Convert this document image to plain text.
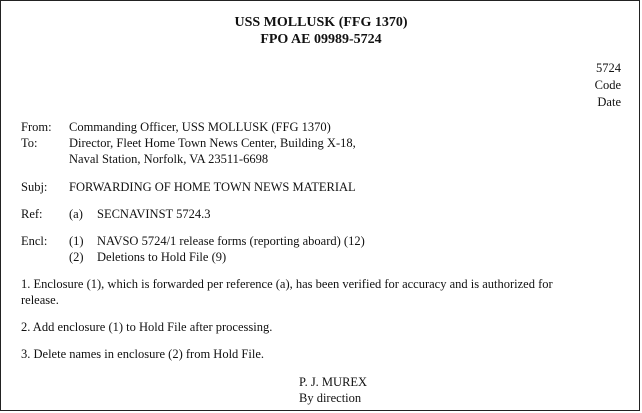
USS MOLLUSK (FFG 1370)
FPO AE 09989-5724
5724
Code
Date
From: Commanding Officer, USS MOLLUSK (FFG 1370)
To:	Director, Fleet Home Town News Center, Building X-18,
Naval Station, Norfolk, VA 23511-6698
Subj: FORWARDING OF HOME TOWN NEWS MATERIAL
Ref: (a) SECNAVINST 5724.3
Encl: (1) NAVSO 5724/1 release forms (reporting aboard) (12)
(2) Deletions to Hold File (9)
1. Enclosure (1), which is forwarded per reference (a), has been verified for accuracy and is authorized for
release.
2. Add enclosure (1) to Hold File after processing.
3. Delete names in enclosure (2) from Hold File.
P. J. MUREX
By direction
